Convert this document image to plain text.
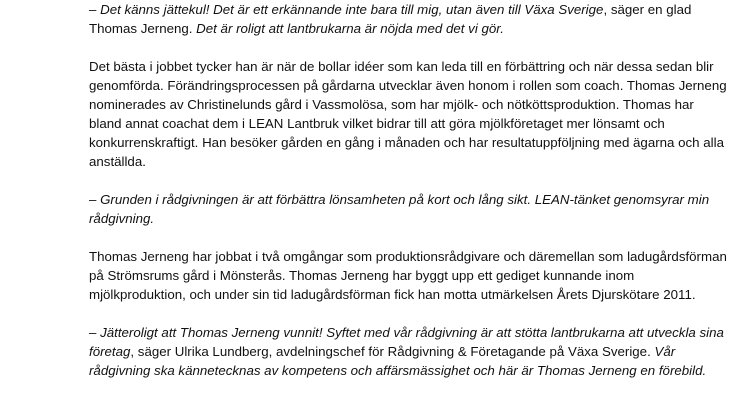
– Det känns jättekul! Det är ett erkännande inte bara till mig, utan även till Växa Sverige, säger en glad Thomas Jerneng. Det är roligt att lantbrukarna är nöjda med det vi gör.

Det bästa i jobbet tycker han är när de bollar idéer som kan leda till en förbättring och när dessa sedan blir genomförda. Förändringsprocessen på gårdarna utvecklar även honom i rollen som coach. Thomas Jerneng nominerades av Christinelunds gård i Vassmolösa, som har mjölk- och nötköttsproduktion. Thomas har bland annat coachat dem i LEAN Lantbruk vilket bidrar till att göra mjölkföretaget mer lönsamt och konkurrenskraftigt. Han besöker gården en gång i månaden och har resultatuppföljning med ägarna och alla anställda.

– Grunden i rådgivningen är att förbättra lönsamheten på kort och lång sikt. LEAN-tänket genomsyrar min rådgivning.

Thomas Jerneng har jobbat i två omgångar som produktionsrådgivare och däremellan som ladugårdsförman på Strömsrums gård i Mönsterås. Thomas Jerneng har byggt upp ett gediget kunnande inom mjölkproduktion, och under sin tid ladugårdsförman fick han motta utmärkelsen Årets Djurskötare 2011.

– Jätteroligt att Thomas Jerneng vunnit! Syftet med vår rådgivning är att stötta lantbrukarna att utveckla sina företag, säger Ulrika Lundberg, avdelningschef för Rådgivning & Företagande på Växa Sverige. Vår rådgivning ska kännetecknas av kompetens och affärsmässighet och här är Thomas Jerneng en förebild.
